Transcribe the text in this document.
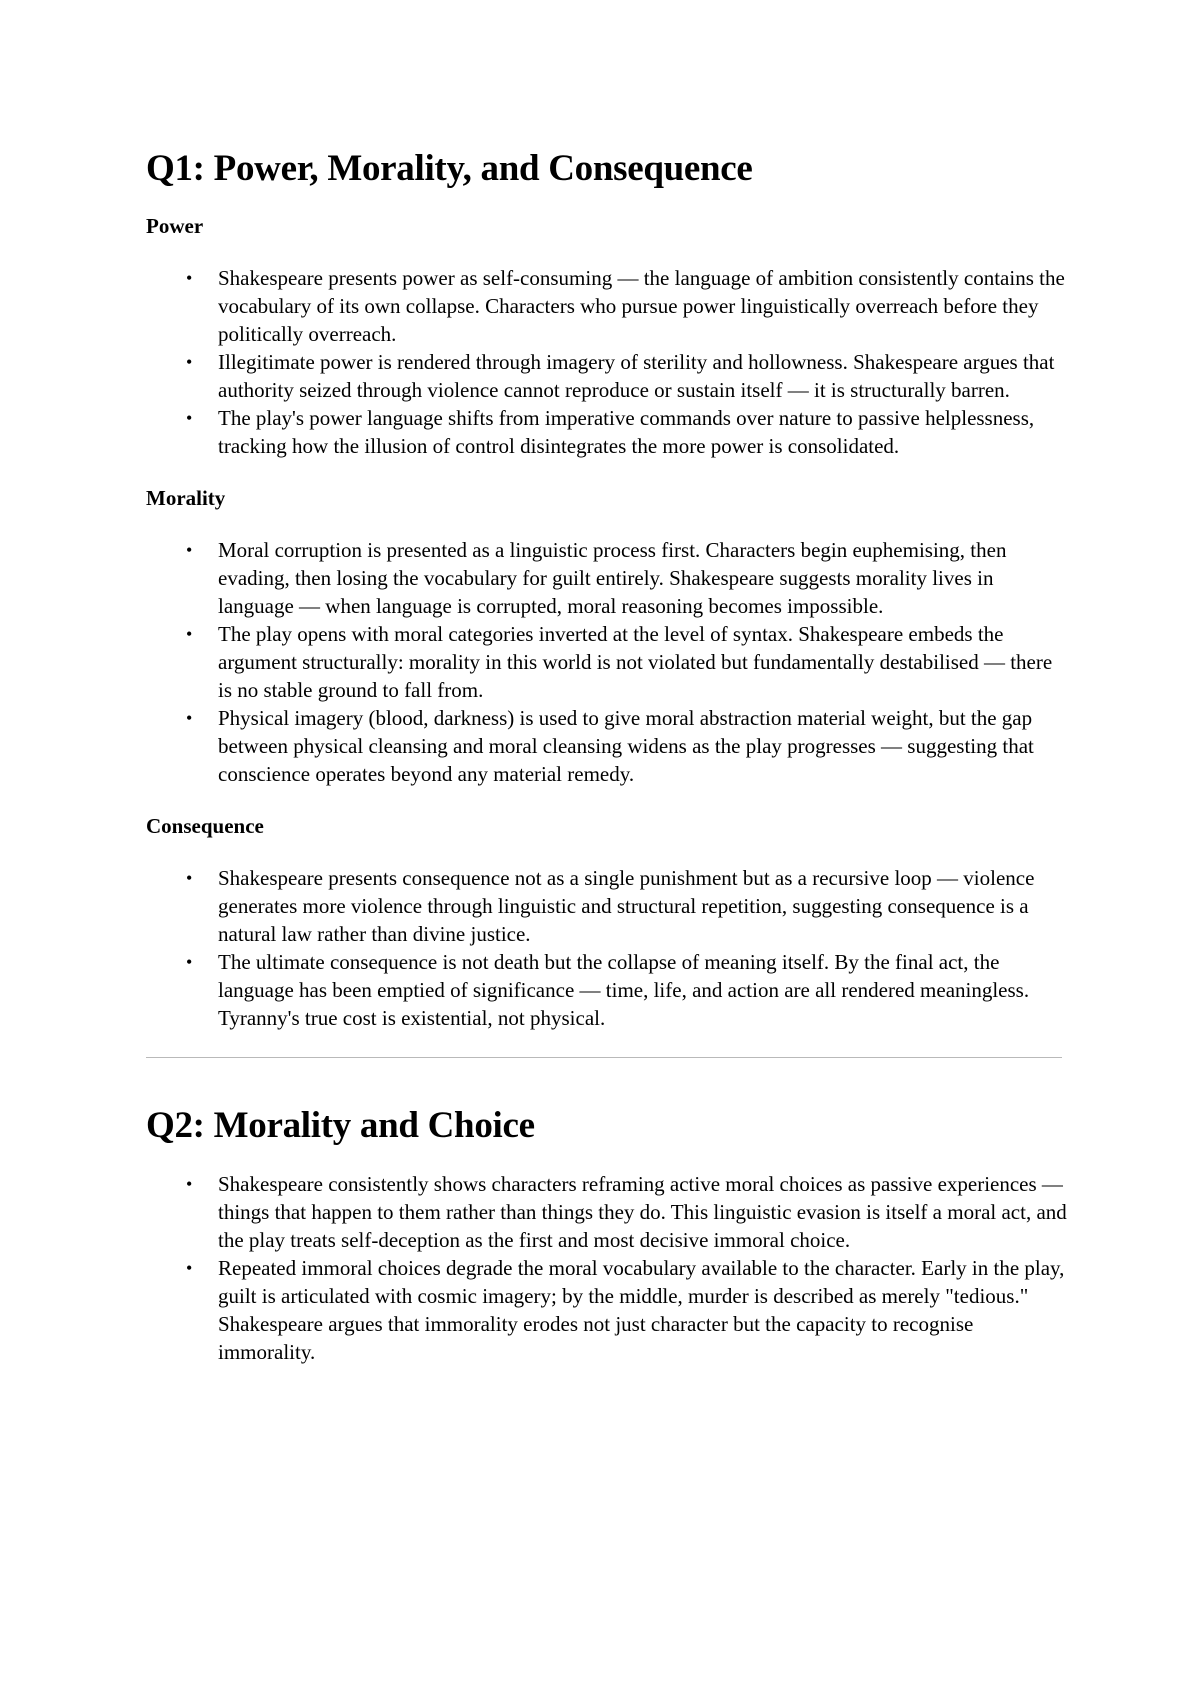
Q1: Power, Morality, and Consequence
Power
• Shakespeare presents power as self-consuming — the language of ambition consistently contains the vocabulary of its own collapse. Characters who pursue power linguistically overreach before they politically overreach.
• Illegitimate power is rendered through imagery of sterility and hollowness. Shakespeare argues that authority seized through violence cannot reproduce or sustain itself — it is structurally barren.
• The play's power language shifts from imperative commands over nature to passive helplessness, tracking how the illusion of control disintegrates the more power is consolidated.
Morality
• Moral corruption is presented as a linguistic process first. Characters begin euphemising, then evading, then losing the vocabulary for guilt entirely. Shakespeare suggests morality lives in language — when language is corrupted, moral reasoning becomes impossible.
• The play opens with moral categories inverted at the level of syntax. Shakespeare embeds the argument structurally: morality in this world is not violated but fundamentally destabilised — there is no stable ground to fall from.
• Physical imagery (blood, darkness) is used to give moral abstraction material weight, but the gap between physical cleansing and moral cleansing widens as the play progresses — suggesting that conscience operates beyond any material remedy.
Consequence
• Shakespeare presents consequence not as a single punishment but as a recursive loop — violence generates more violence through linguistic and structural repetition, suggesting consequence is a natural law rather than divine justice.
• The ultimate consequence is not death but the collapse of meaning itself. By the final act, the language has been emptied of significance — time, life, and action are all rendered meaningless. Tyranny's true cost is existential, not physical.
Q2: Morality and Choice
• Shakespeare consistently shows characters reframing active moral choices as passive experiences — things that happen to them rather than things they do. This linguistic evasion is itself a moral act, and the play treats self-deception as the first and most decisive immoral choice.
• Repeated immoral choices degrade the moral vocabulary available to the character. Early in the play, guilt is articulated with cosmic imagery; by the middle, murder is described as merely "tedious." Shakespeare argues that immorality erodes not just character but the capacity to recognise immorality.
